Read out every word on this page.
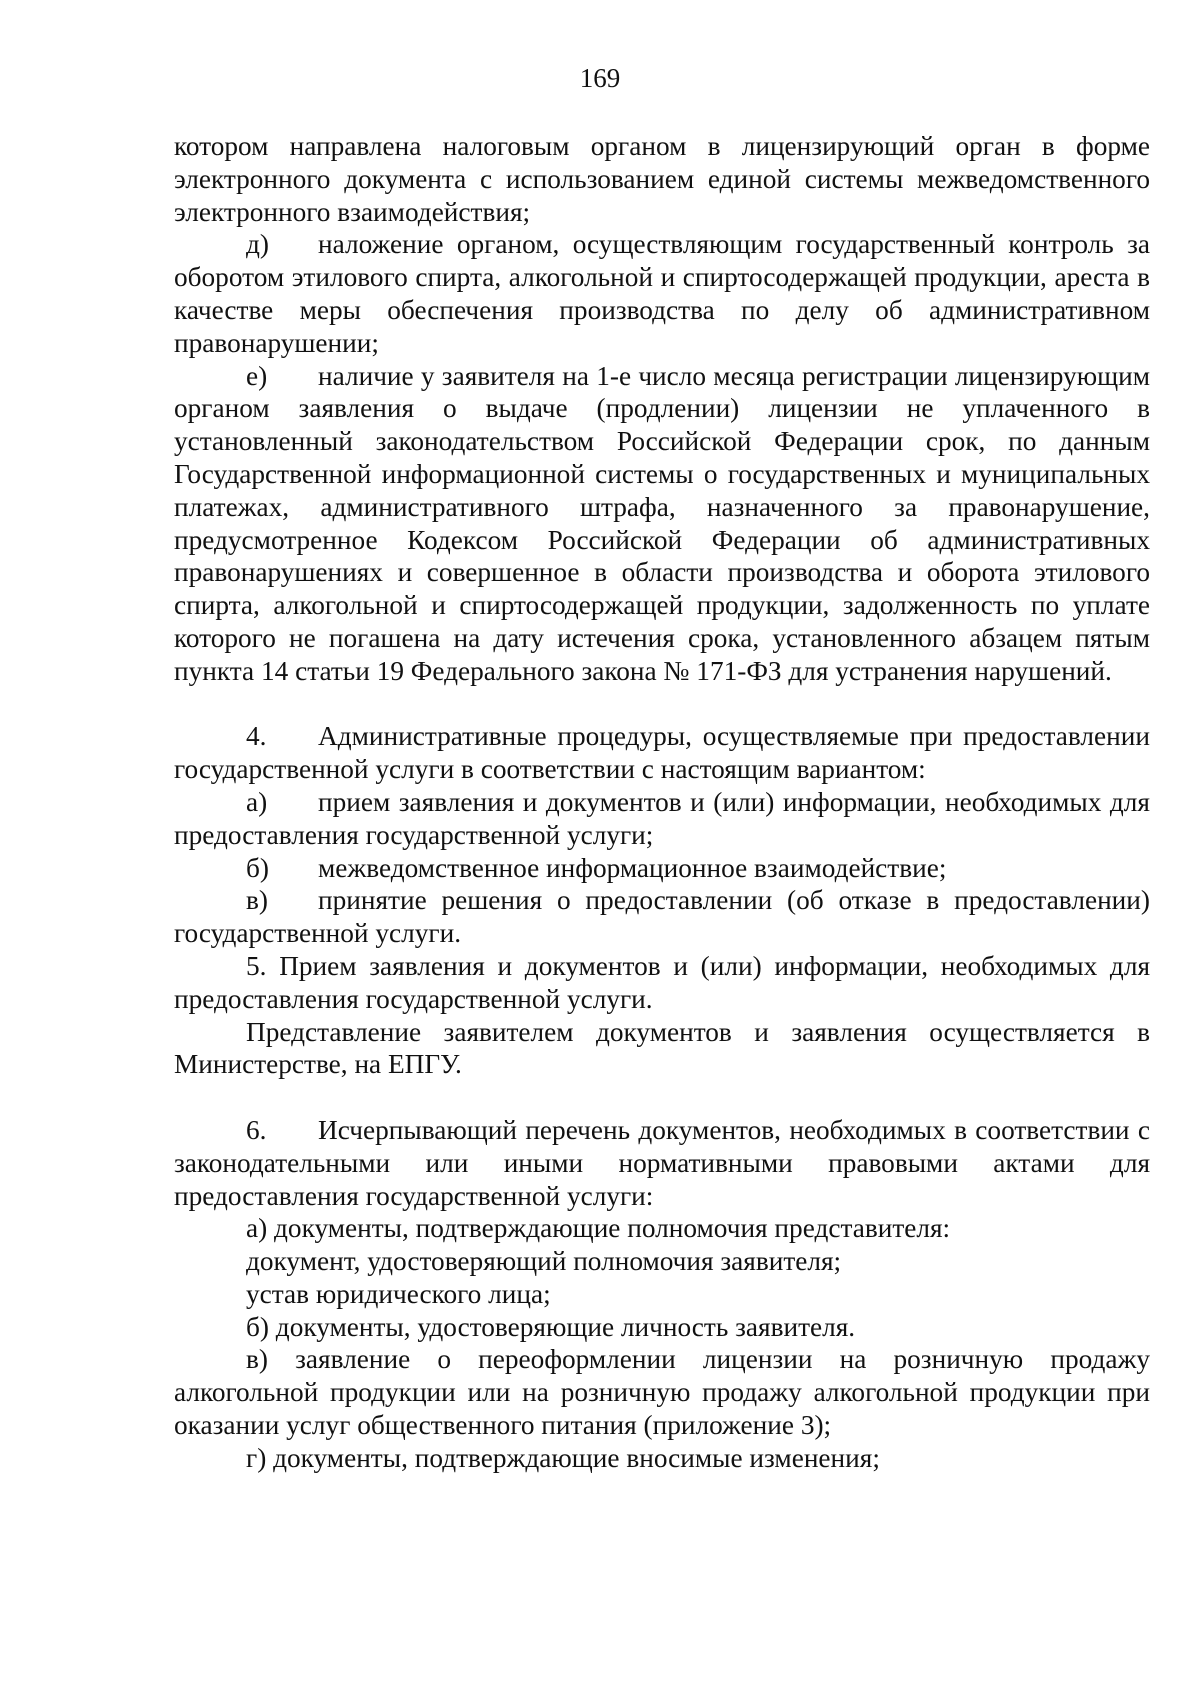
169

котором направлена налоговым органом в лицензирующий орган в форме электронного документа с использованием единой системы межведомственного электронного взаимодействия;

д) наложение органом, осуществляющим государственный контроль за оборотом этилового спирта, алкогольной и спиртосодержащей продукции, ареста в качестве меры обеспечения производства по делу об административном правонарушении;

е) наличие у заявителя на 1-е число месяца регистрации лицензирующим органом заявления о выдаче (продлении) лицензии не уплаченного в установленный законодательством Российской Федерации срок, по данным Государственной информационной системы о государственных и муниципальных платежах, административного штрафа, назначенного за правонарушение, предусмотренное Кодексом Российской Федерации об административных правонарушениях и совершенное в области производства и оборота этилового спирта, алкогольной и спиртосодержащей продукции, задолженность по уплате которого не погашена на дату истечения срока, установленного абзацем пятым пункта 14 статьи 19 Федерального закона № 171-ФЗ для устранения нарушений.

4. Административные процедуры, осуществляемые при предоставлении государственной услуги в соответствии с настоящим вариантом:

а) прием заявления и документов и (или) информации, необходимых для предоставления государственной услуги;

б) межведомственное информационное взаимодействие;

в) принятие решения о предоставлении (об отказе в предоставлении) государственной услуги.

5. Прием заявления и документов и (или) информации, необходимых для предоставления государственной услуги.

Представление заявителем документов и заявления осуществляется в Министерстве, на ЕПГУ.

6. Исчерпывающий перечень документов, необходимых в соответствии с законодательными или иными нормативными правовыми актами для предоставления государственной услуги:

а) документы, подтверждающие полномочия представителя:

документ, удостоверяющий полномочия заявителя;

устав юридического лица;

б) документы, удостоверяющие личность заявителя.

в) заявление о переоформлении лицензии на розничную продажу алкогольной продукции или на розничную продажу алкогольной продукции при оказании услуг общественного питания (приложение 3);

г) документы, подтверждающие вносимые изменения;
